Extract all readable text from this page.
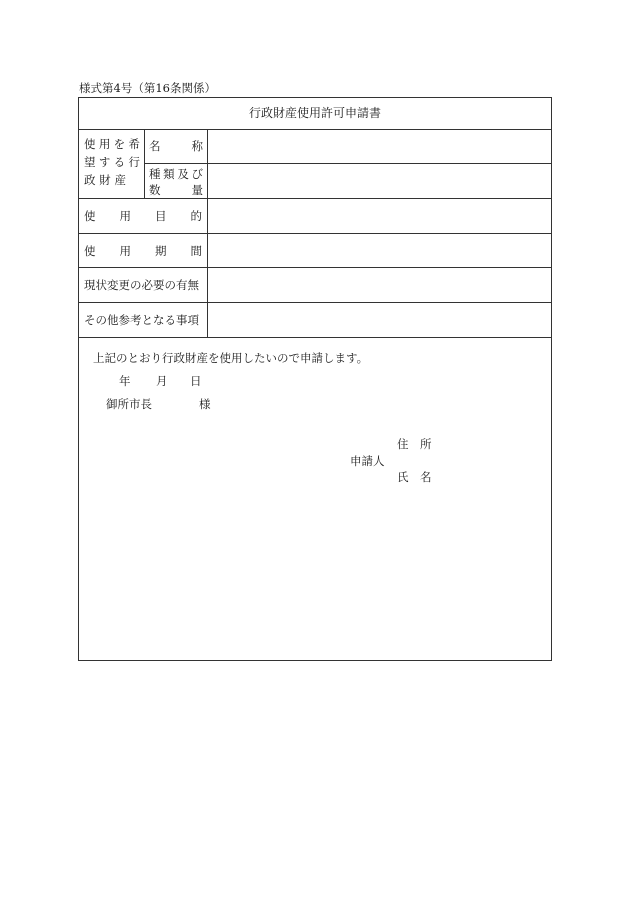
様式第4号（第16条関係）
行政財産使用許可申請書
使用を希
望する行
政財産
名　称
種類及び
数　量
使用目的
使用期間
現状変更の必要の有無
その他参考となる事項
上記のとおり行政財産を使用したいので申請します。
年 月 日
御所市長	様
住　所
申請人
氏　名
